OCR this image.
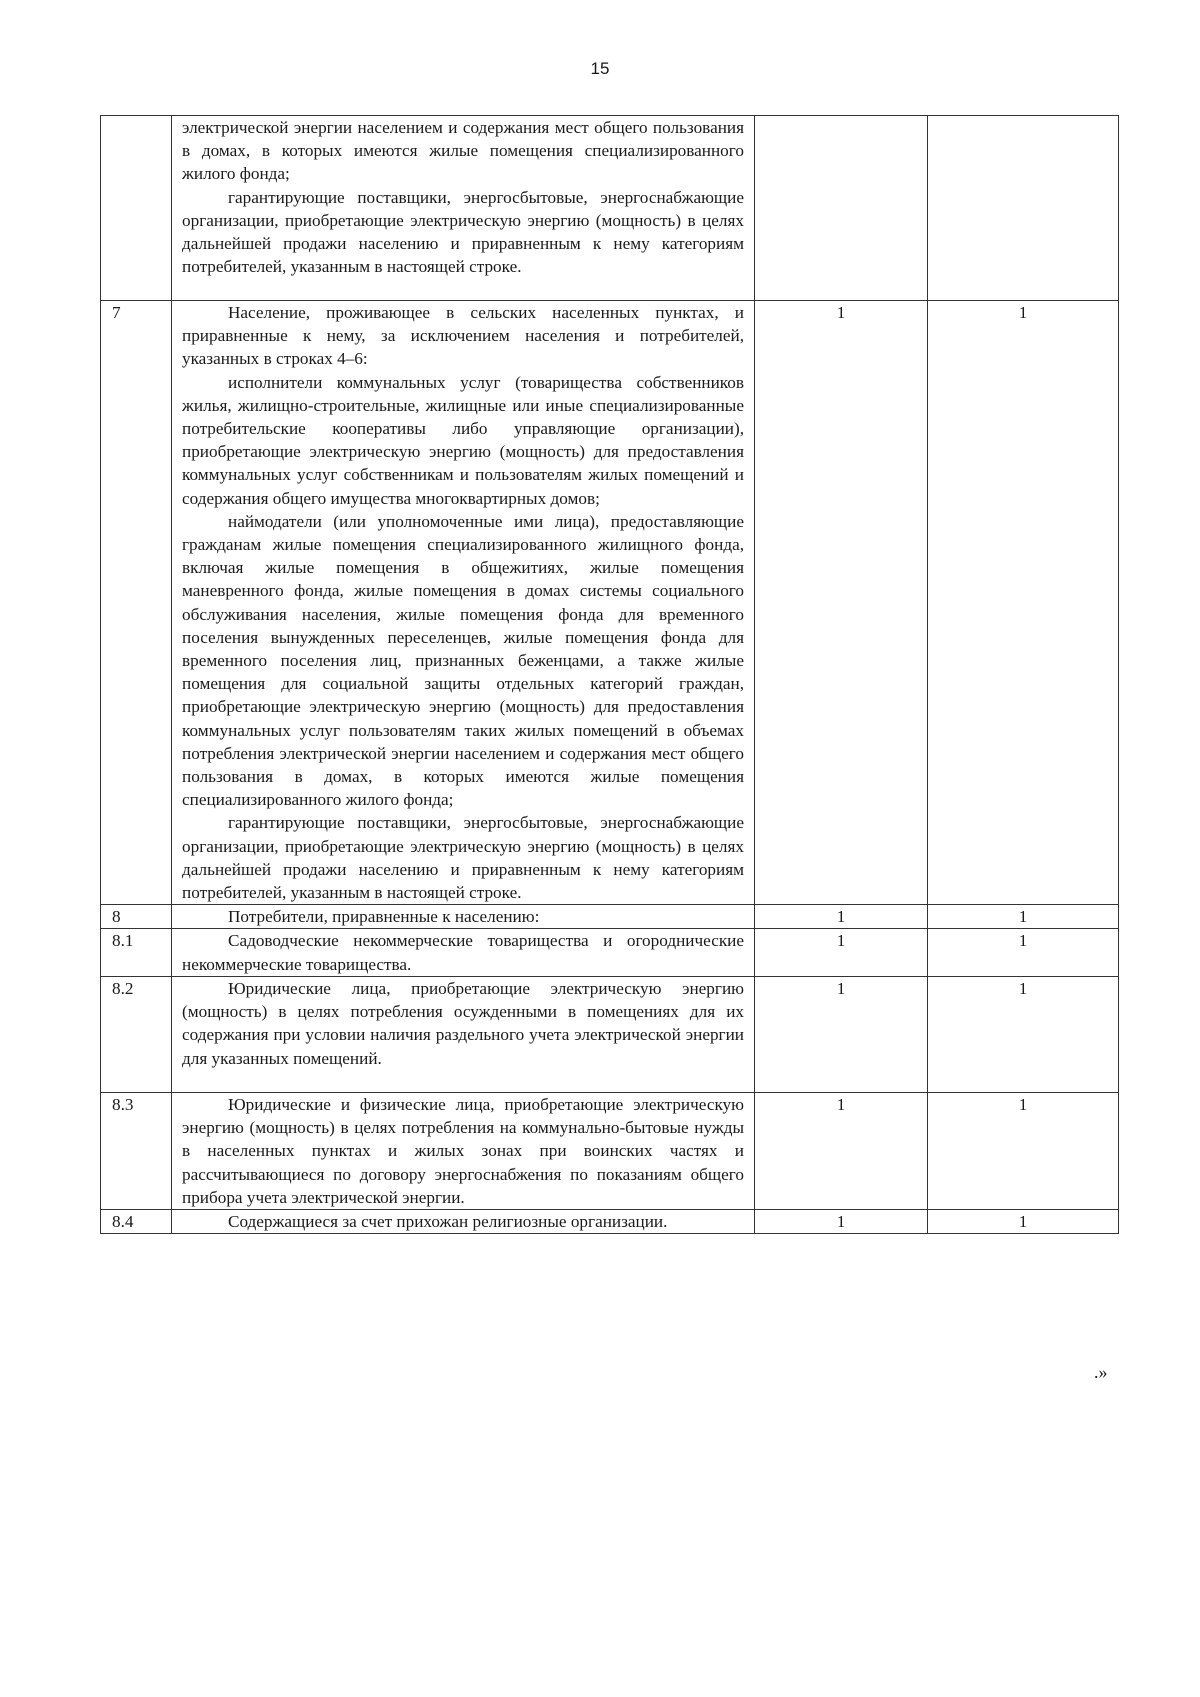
15

	электрической энергии населением и содержания мест общего пользования в домах, в которых имеются жилые помещения специализированного жилого фонда;

гарантирующие поставщики, энергосбытовые, энергоснабжающие организации, приобретающие электрическую энергию (мощность) в целях дальнейшей продажи населению и приравненным к нему категориям потребителей, указанным в настоящей строке.		

7	Население, проживающее в сельских населенных пунктах, и приравненные к нему, за исключением населения и потребителей, указанных в строках 4–6:

исполнители коммунальных услуг (товарищества собственников жилья, жилищно-строительные, жилищные или иные специализированные потребительские кооперативы либо управляющие организации), приобретающие электрическую энергию (мощность) для предоставления коммунальных услуг собственникам и пользователям жилых помещений и содержания общего имущества многоквартирных домов;

наймодатели (или уполномоченные ими лица), предоставляющие гражданам жилые помещения специализированного жилищного фонда, включая жилые помещения в общежитиях, жилые помещения маневренного фонда, жилые помещения в домах системы социального обслуживания населения, жилые помещения фонда для временного поселения вынужденных переселенцев, жилые помещения фонда для временного поселения лиц, признанных беженцами, а также жилые помещения для социальной защиты отдельных категорий граждан, приобретающие электрическую энергию (мощность) для предоставления коммунальных услуг пользователям таких жилых помещений в объемах потребления электрической энергии населением и содержания мест общего пользования в домах, в которых имеются жилые помещения специализированного жилого фонда;

гарантирующие поставщики, энергосбытовые, энергоснабжающие организации, приобретающие электрическую энергию (мощность) в целях дальнейшей продажи населению и приравненным к нему категориям потребителей, указанным в настоящей строке.	1	1
8	Потребители, приравненные к населению:	1	1
8.1	Садоводческие некоммерческие товарищества и огороднические некоммерческие товарищества.	1	1
8.2	Юридические лица, приобретающие электрическую энергию (мощность) в целях потребления осужденными в помещениях для их содержания при условии наличия раздельного учета электрической энергии для указанных помещений.	1	1
8.3	Юридические и физические лица, приобретающие электрическую энергию (мощность) в целях потребления на коммунально-бытовые нужды в населенных пунктах и жилых зонах при воинских частях и рассчитывающиеся по договору энергоснабжения по показаниям общего прибора учета электрической энергии.	1	1
8.4	Содержащиеся за счет прихожан религиозные организации.	1	1
.»
